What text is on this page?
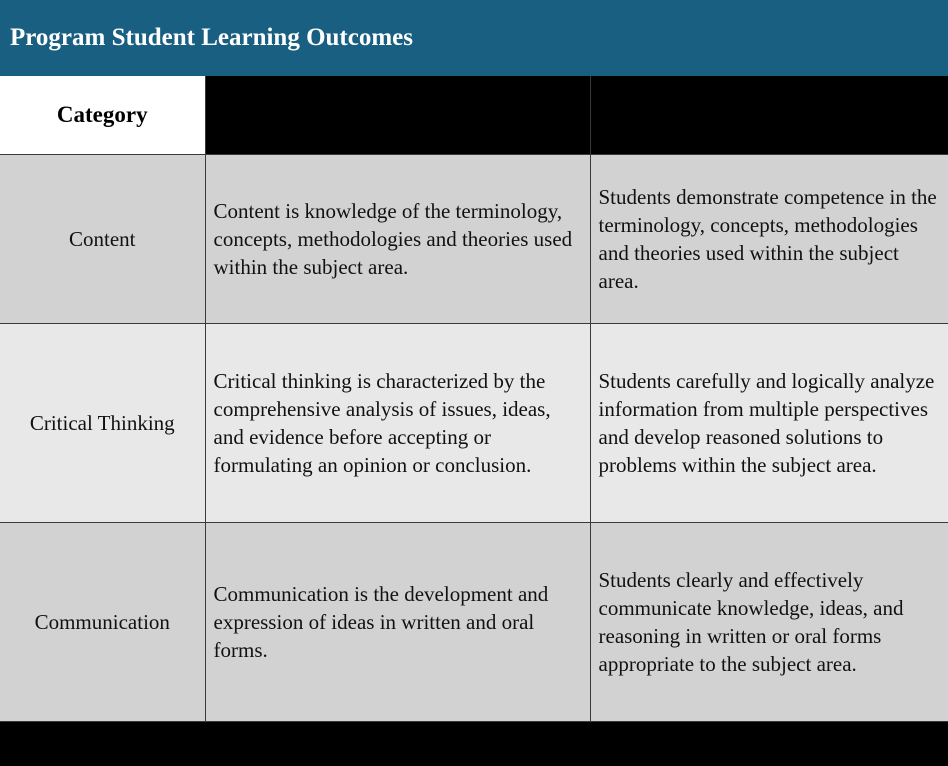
Program Student Learning Outcomes
Category	Institutional Definition	Institutional Definition
Content	Content is knowledge of the terminology, concepts, methodologies and theories used within the subject area.	Students demonstrate competence in the terminology, concepts, methodologies and theories used within the subject area.
Critical Thinking	Critical thinking is characterized by the comprehensive analysis of issues, ideas, and evidence before accepting or formulating an opinion or conclusion.	Students carefully and logically analyze information from multiple perspectives and develop reasoned solutions to problems within the subject area.
Communication	Communication is the development and expression of ideas in written and oral forms.	Students clearly and effectively communicate knowledge, ideas, and reasoning in written or oral forms appropriate to the subject area.
